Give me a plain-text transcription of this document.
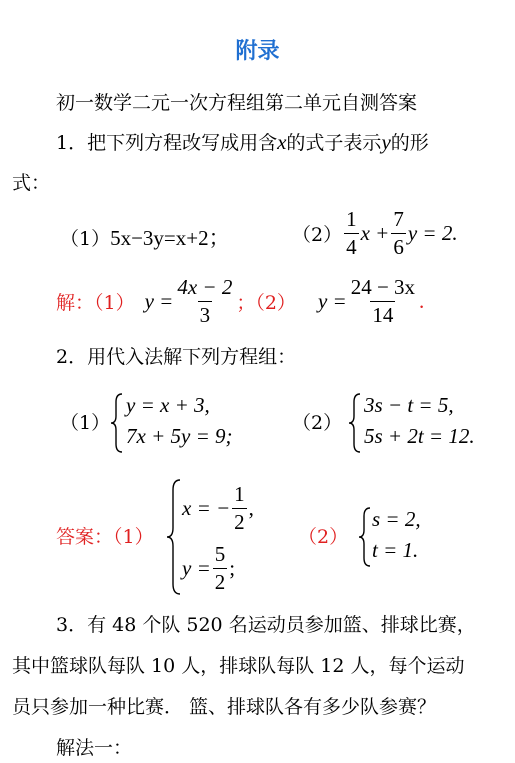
附录
初一数学二元一次方程组第二单元自测答案
1．把下列方程改写成用含x的式子表示y的形
式：
（1）5x−3y=x+2；	$(2) \frac{1}{4}$ $x + \frac{7}{6}$ y = 2.
解：（1） $y = \frac{4x - 2}{3}$ ；（2） $y = \frac{24 - 3x}{14}$ .
2．用代入法解下列方程组：
（1）
y = x + 3,
7x + 5y = 9;
（2）
3s − t = 5,
5s + 2t = 12.
答案：（1）
x = − $\frac{1}{2}$ ,
$y = \frac{5}{2}$ ;
（2）
s = 2,
t = 1.
3．有 48 个队 520 名运动员参加篮、排球比赛，
其中篮球队每队 10 人，排球队每队 12 人，每个运动
员只参加一种比赛． 篮、排球队各有多少队参赛？
解法一：
